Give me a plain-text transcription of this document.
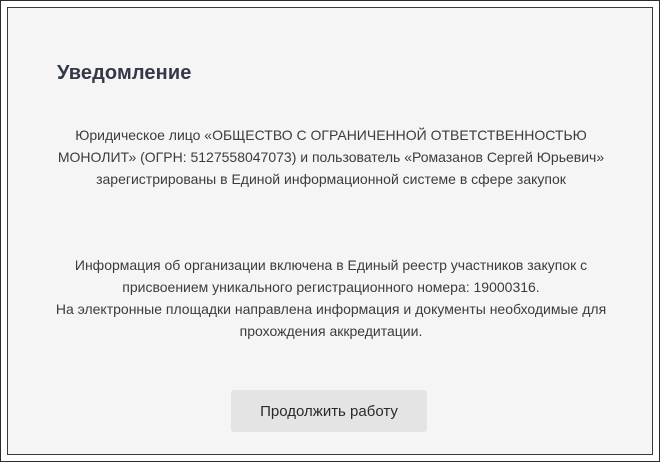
Уведомление

Юридическое лицо «ОБЩЕСТВО С ОГРАНИЧЕННОЙ ОТВЕТСТВЕННОСТЬЮ МОНОЛИТ» (ОГРН: 5127558047073) и пользователь «Ромазанов Сергей Юрьевич» зарегистрированы в Единой информационной системе в сфере закупок

Информация об организации включена в Единый реестр участников закупок с присвоением уникального регистрационного номера: 19000316.
На электронные площадки направлена информация и документы необходимые для прохождения аккредитации.
Продолжить работу
